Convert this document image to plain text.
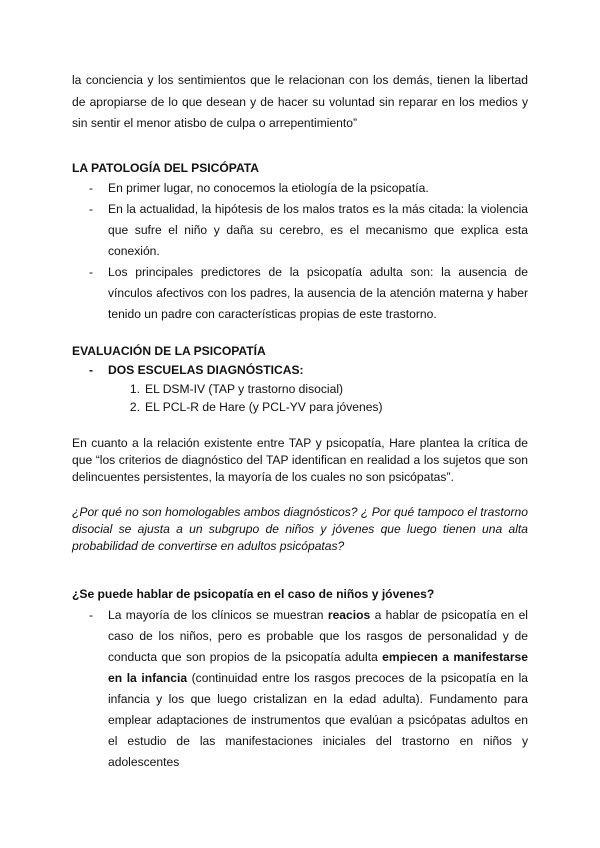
la conciencia y los sentimientos que le relacionan con los demás, tienen la libertad

de apropiarse de lo que desean y de hacer su voluntad sin reparar en los medios y

sin sentir el menor atisbo de culpa o arrepentimiento”

LA PATOLOGÍA DEL PSICÓPATA

- En primer lugar, no conocemos la etiología de la psicopatía.

- En la actualidad, la hipótesis de los malos tratos es la más citada: la violencia

que sufre el niño y daña su cerebro, es el mecanismo que explica esta

conexión.

- Los principales predictores de la psicopatía adulta son: la ausencia de

vínculos afectivos con los padres, la ausencia de la atención materna y haber

tenido un padre con características propias de este trastorno.

EVALUACIÓN DE LA PSICOPATÍA

- DOS ESCUELAS DIAGNÓSTICAS:

1. EL DSM-IV (TAP y trastorno disocial)

2. EL PCL-R de Hare (y PCL-YV para jóvenes)

En cuanto a la relación existente entre TAP y psicopatía, Hare plantea la crítica de

que “los criterios de diagnóstico del TAP identifican en realidad a los sujetos que son

delincuentes persistentes, la mayoría de los cuales no son psicópatas”.

¿Por qué no son homologables ambos diagnósticos? ¿ Por qué tampoco el trastorno

disocial se ajusta a un subgrupo de niños y jóvenes que luego tienen una alta

probabilidad de convertirse en adultos psicópatas?

¿Se puede hablar de psicopatía en el caso de niños y jóvenes?

- La mayoría de los clínicos se muestran reacios a hablar de psicopatía en el

caso de los niños, pero es probable que los rasgos de personalidad y de

conducta que son propios de la psicopatía adulta empiecen a manifestarse

en la infancia (continuidad entre los rasgos precoces de la psicopatía en la

infancia y los que luego cristalizan en la edad adulta). Fundamento para

emplear adaptaciones de instrumentos que evalúan a psicópatas adultos en

el estudio de las manifestaciones iniciales del trastorno en niños y

adolescentes
